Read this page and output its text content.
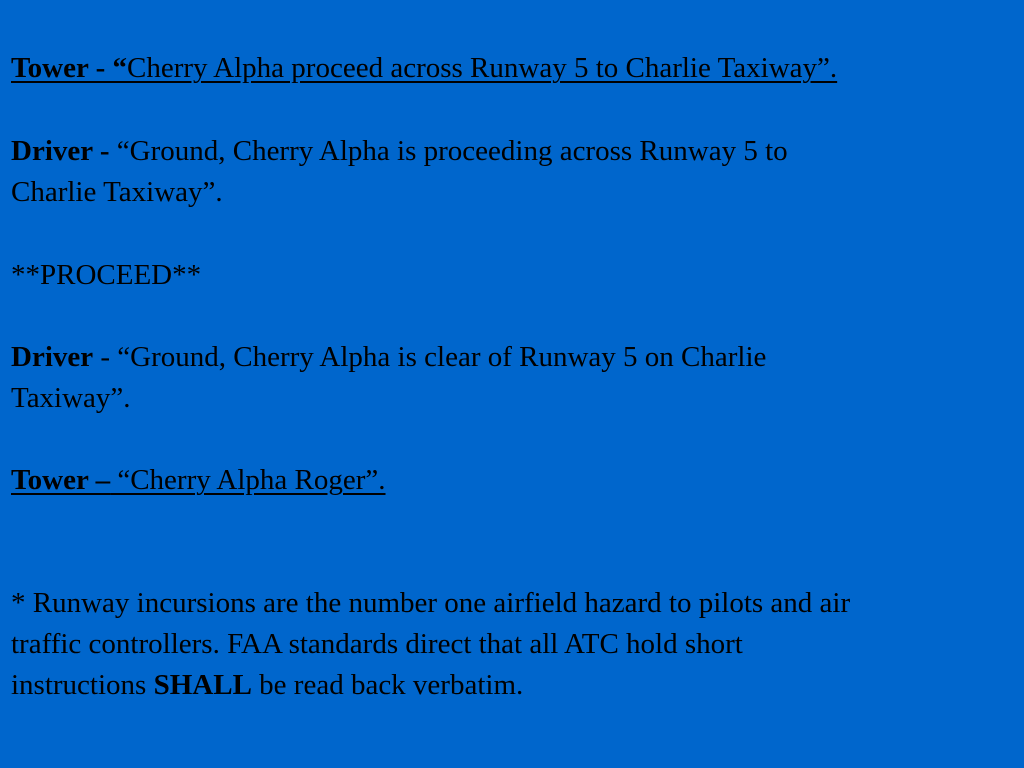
Tower - “Cherry Alpha proceed across Runway 5 to Charlie Taxiway”.
Driver - “Ground, Cherry Alpha is proceeding across Runway 5 to
Charlie Taxiway”.
**PROCEED**
Driver - “Ground, Cherry Alpha is clear of Runway 5 on Charlie
Taxiway”.
Tower – “Cherry Alpha Roger”.
* Runway incursions are the number one airfield hazard to pilots and air
traffic controllers. FAA standards direct that all ATC hold short
instructions SHALL be read back verbatim.
